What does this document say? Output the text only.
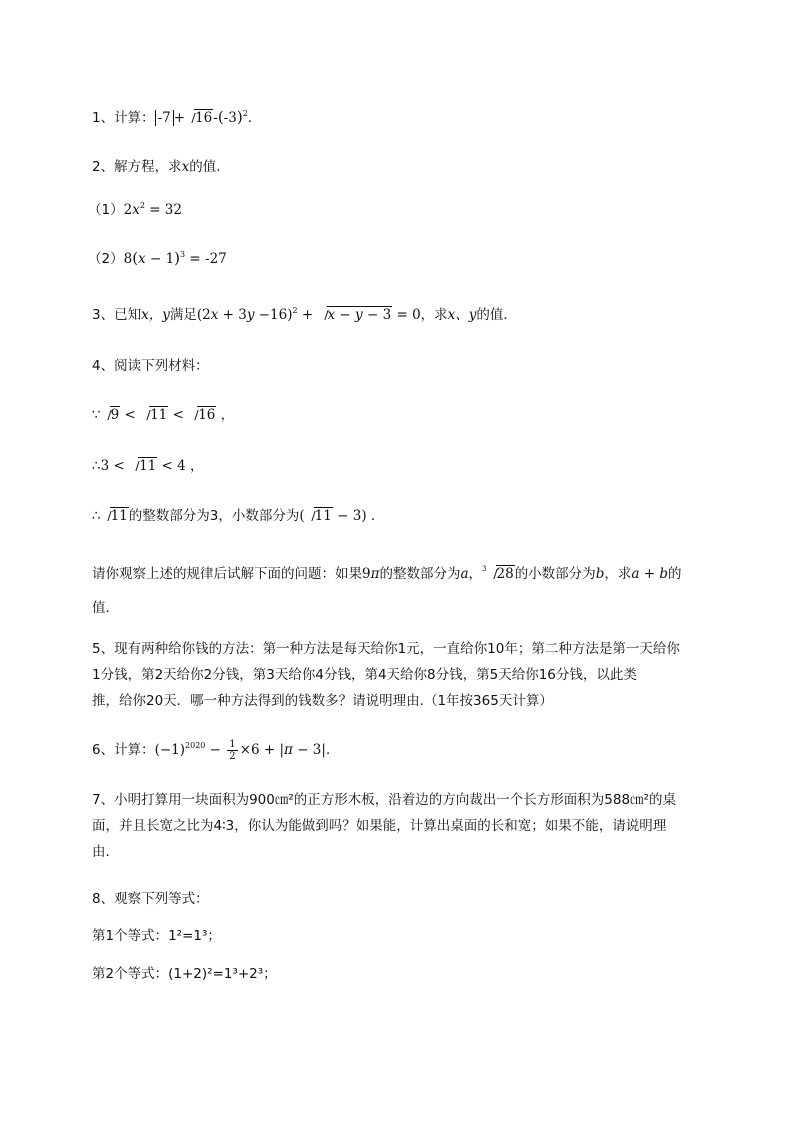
1、计算： $-7 + 16-(-3)^2$．
2、解方程，求x的值．
$(1)2x^2 = 32$
$(2)8(x - 1)^3 = -27$
3、已知x，y满足$(2x + 3y -16)^2 + x - y - 3 = 0$，求x、y的值．
4、阅读下列材料：
∵ 9 < 11 < 16 ，
∴3 < 11 < 4 ，
∴ 11的整数部分为3，小数部分为( 11 − 3) ．
请你观察上述的规律后试解下面的问题：如果9π的整数部分为a，$^3$ 28的小数部分为b，求a + b的
值．
5、现有两种给你钱的方法：第一种方法是每天给你1元，一直给你10年；第二种方法是第一天给你
1分钱，第2天给你2分钱，第3天给你4分钱，第4天给你8分钱，第5天给你16分钱，以此类
推，给你20天．哪一种方法得到的钱数多？请说明理由.（1年按365天计算）
6、计算：$(-1)^{2020} - \frac{1}{2} \times 6 + |\pi - 3|$．
7、小明打算用一块面积为900㎝²的正方形木板，沿着边的方向裁出一个长方形面积为588㎝²的桌
面，并且长宽之比为4∶3，你认为能做到吗？如果能，计算出桌面的长和宽；如果不能，请说明理
由．
8、观察下列等式：
第1个等式：1²=1³；
第2个等式：(1+2)²=1³+2³；
